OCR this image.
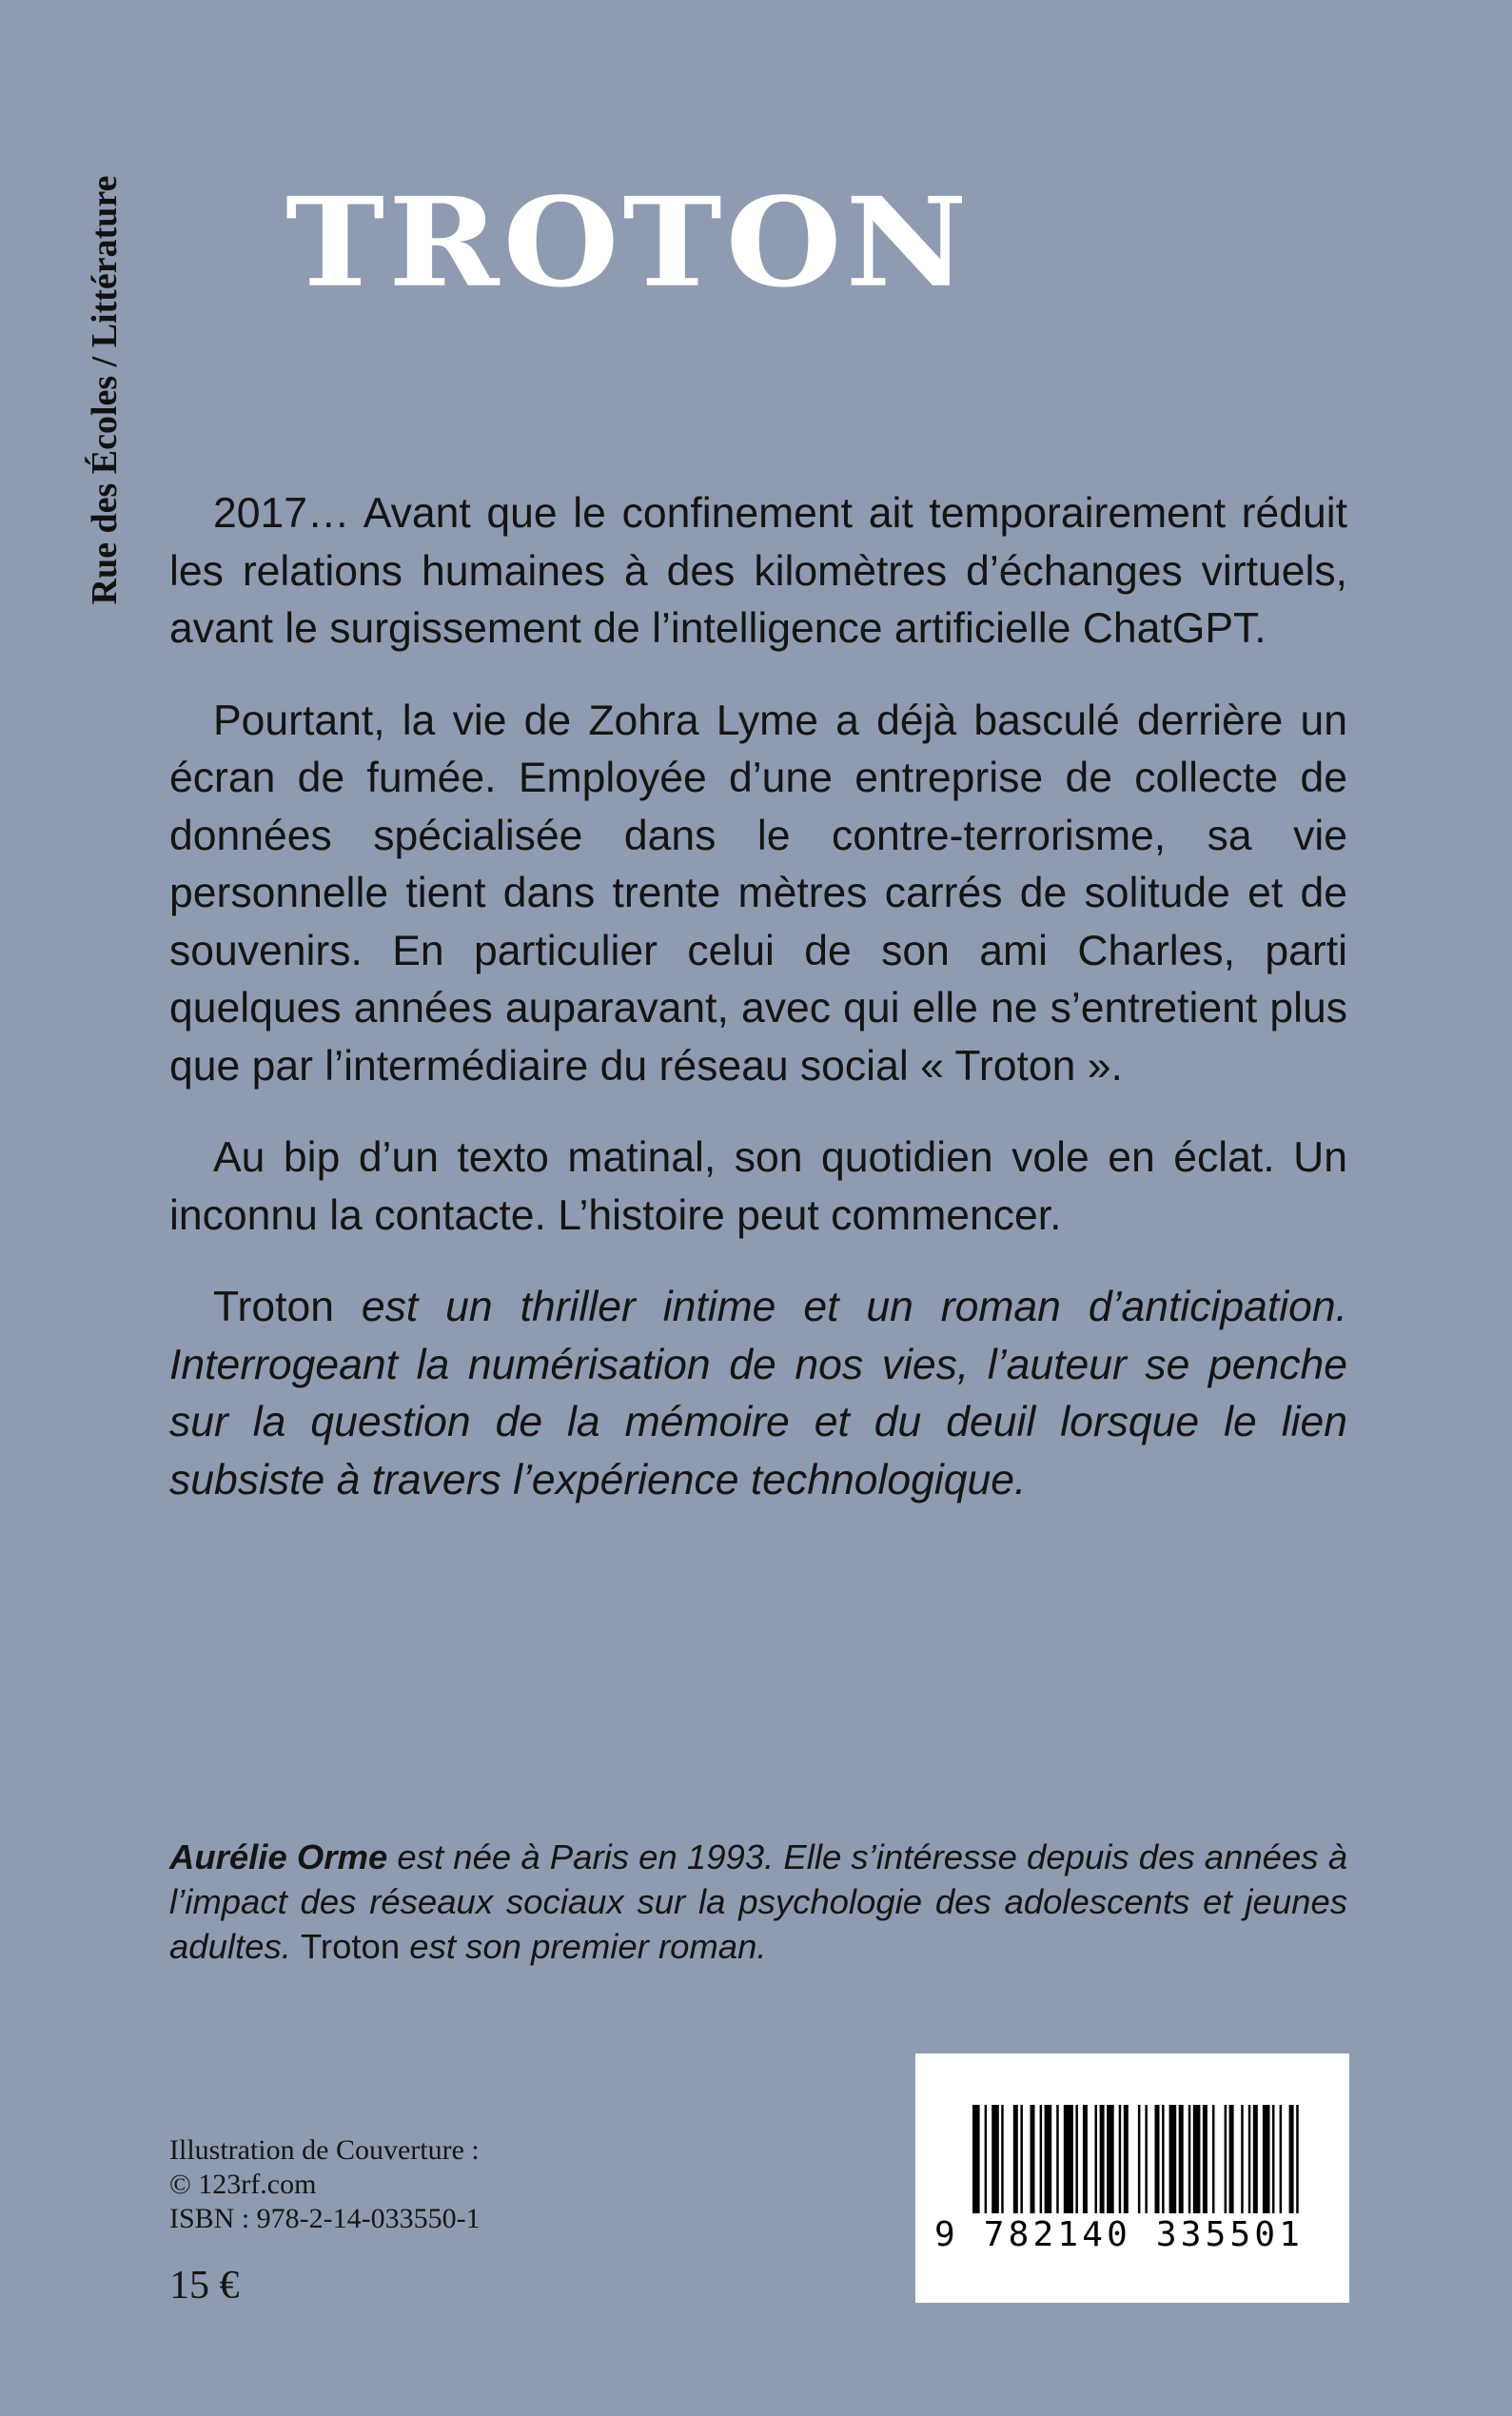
Rue des Écoles / Littérature TROTON

2017… Avant que le confinement ait temporairement réduit les relations humaines à des kilomètres d’échanges virtuels, avant le surgissement de l’intelligence artificielle ChatGPT.

Pourtant, la vie de Zohra Lyme a déjà basculé derrière un écran de fumée. Employée d’une entreprise de collecte de données spécialisée dans le contre-terrorisme, sa vie personnelle tient dans trente mètres carrés de solitude et de souvenirs. En particulier celui de son ami Charles, parti quelques années auparavant, avec qui elle ne s’entretient plus que par l’intermédiaire du réseau social « Troton ».

Au bip d’un texto matinal, son quotidien vole en éclat. Un inconnu la contacte. L’histoire peut commencer.

Troton est un thriller intime et un roman d’anticipation. Interrogeant la numérisation de nos vies, l’auteur se penche sur la question de la mémoire et du deuil lorsque le lien subsiste à travers l’expérience technologique.

Aurélie Orme est née à Paris en 1993. Elle s’intéresse depuis des années à l’impact des réseaux sociaux sur la psychologie des adolescents et jeunes adultes. Troton est son premier roman.
Illustration de Couverture :
© 123rf.com
ISBN : 978-2-14-033550-1
15 €
9 782140 335501
